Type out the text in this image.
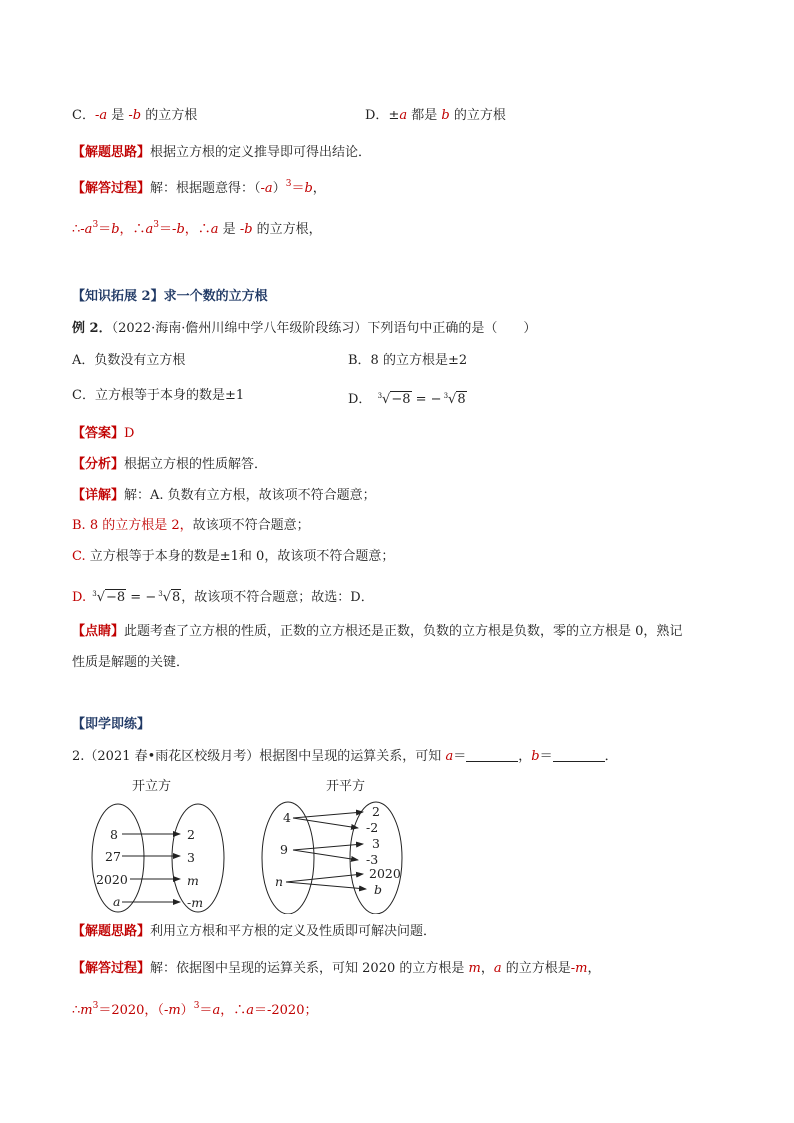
C．-a 是 -b 的立方根	D．±a 都是 b 的立方根
【解题思路】根据立方根的定义推导即可得出结论．
【解答过程】解：根据题意得：$(-a)^3=b$，
$\therefore-a^3=b$，$\therefore a^3=-b$，∴a 是 -b 的立方根，
【知识拓展 2】求一个数的立方根
例 2．（2022·海南·儋州川绵中学八年级阶段练习）下列语句中正确的是（　　）
A．负数没有立方根	B．8 的立方根是±2
C．立方根等于本身的数是±1	D． $^3$√−8 = − $^3$√8
【答案】D
【分析】根据立方根的性质解答．
【详解】解：A. 负数有立方根，故该项不符合题意；
B. 8 的立方根是 2，故该项不符合题意；
C. 立方根等于本身的数是±1和 0，故该项不符合题意；
D. $^3$√−8 = − $^3$√8，故该项不符合题意；故选：D．
【点睛】此题考查了立方根的性质，正数的立方根还是正数，负数的立方根是负数，零的立方根是 0，熟记
性质是解题的关键．
【即学即练】
2.（2021 春•雨花区校级月考）根据图中呈现的运算关系，可知 a＝	，b＝	．
开立方
8
27
2020
a
2
3
m
-m
开平方
4
9
n
2
-2
3
-3
2020
b
【解题思路】利用立方根和平方根的定义及性质即可解决问题．
【解答过程】解：依据图中呈现的运算关系，可知 2020 的立方根是 m，a 的立方根是-m，
$\therefore m^3=2020$，$(-m)^3=a$，∴a＝-2020；
